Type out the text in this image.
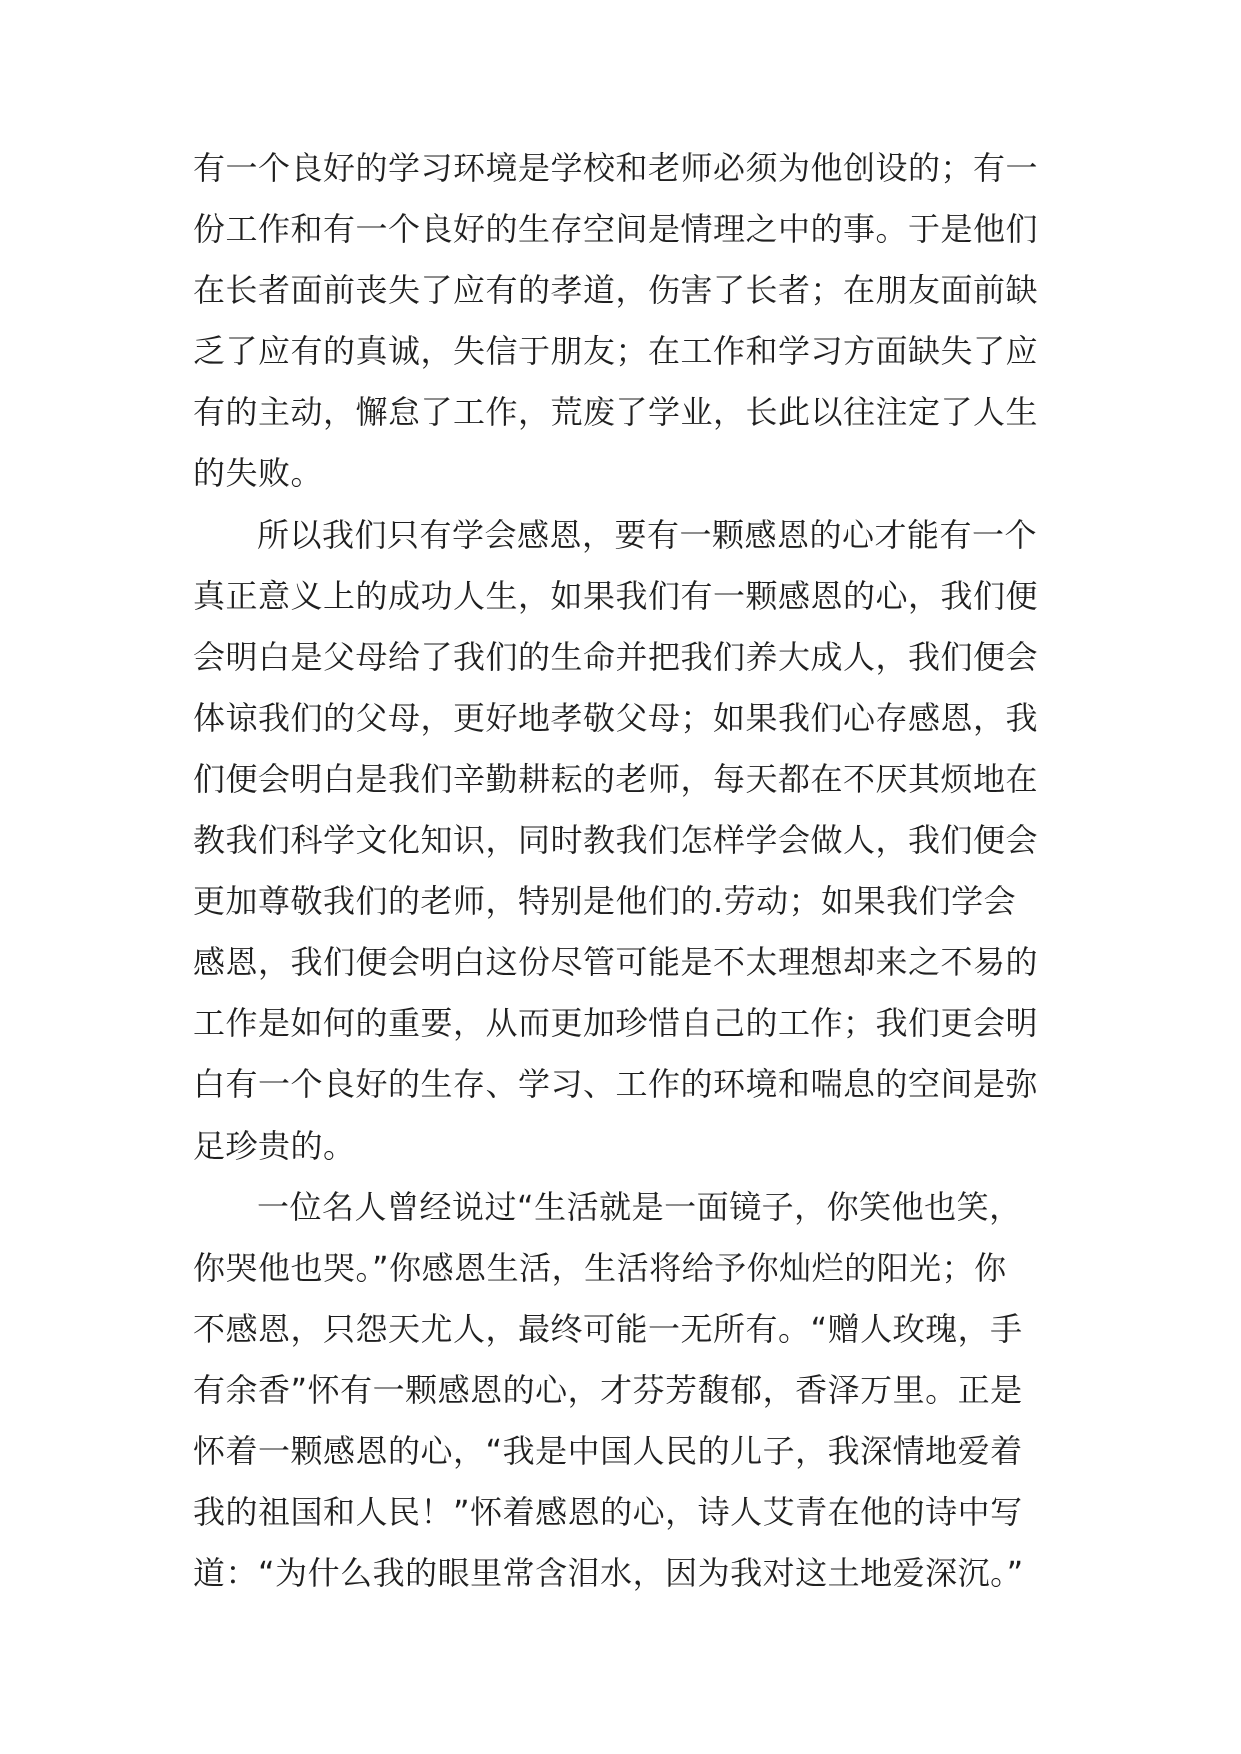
有一个良好的学习环境是学校和老师必须为他创设的；有一
份工作和有一个良好的生存空间是情理之中的事。于是他们
在长者面前丧失了应有的孝道，伤害了长者；在朋友面前缺
乏了应有的真诚，失信于朋友；在工作和学习方面缺失了应
有的主动，懈怠了工作，荒废了学业，长此以往注定了人生
的失败。
所以我们只有学会感恩，要有一颗感恩的心才能有一个
真正意义上的成功人生，如果我们有一颗感恩的心，我们便
会明白是父母给了我们的生命并把我们养大成人，我们便会
体谅我们的父母，更好地孝敬父母；如果我们心存感恩，我
们便会明白是我们辛勤耕耘的老师，每天都在不厌其烦地在
教我们科学文化知识，同时教我们怎样学会做人，我们便会
更加尊敬我们的老师，特别是他们的.劳动；如果我们学会
感恩，我们便会明白这份尽管可能是不太理想却来之不易的
工作是如何的重要，从而更加珍惜自己的工作；我们更会明
白有一个良好的生存、学习、工作的环境和喘息的空间是弥
足珍贵的。
一位名人曾经说过“生活就是一面镜子，你笑他也笑，
你哭他也哭。”你感恩生活，生活将给予你灿烂的阳光；你
不感恩，只怨天尤人，最终可能一无所有。“赠人玫瑰，手
有余香”怀有一颗感恩的心，才芬芳馥郁，香泽万里。正是
怀着一颗感恩的心，“我是中国人民的儿子，我深情地爱着
我的祖国和人民！”怀着感恩的心，诗人艾青在他的诗中写
道：“为什么我的眼里常含泪水，因为我对这土地爱深沉。”
